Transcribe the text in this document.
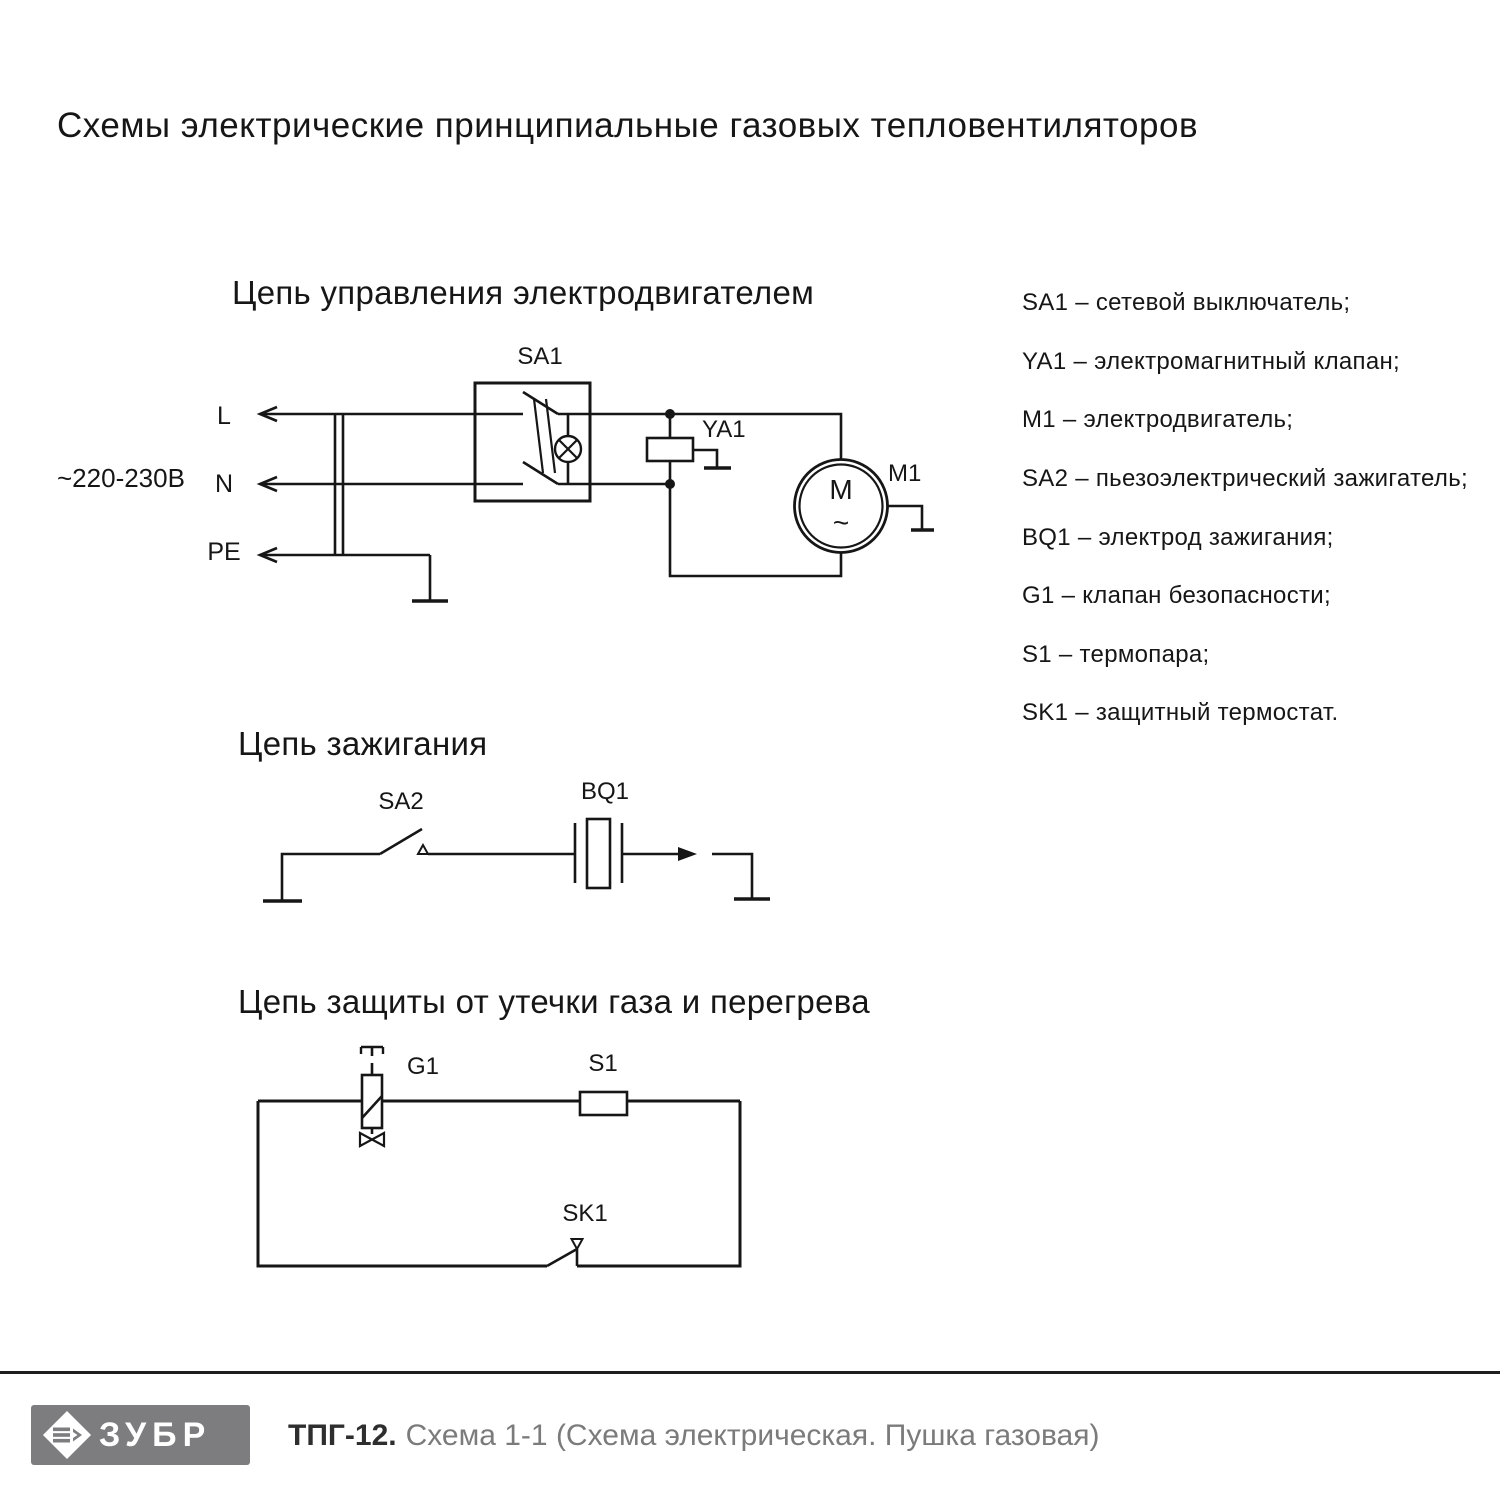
Схемы электрические принципиальные газовых тепловентиляторов
Цепь управления электродвигателем
Цепь зажигания
Цепь защиты от утечки газа и перегрева
SA1 – сетевой выключатель;
YA1 – электромагнитный клапан;
M1 – электродвигатель;
SA2 – пьезоэлектрический зажигатель;
BQ1 – электрод зажигания;
G1 – клапан безопасности;
S1 – термопара;
SK1 – защитный термостат.
~220-230В
L
N
PE
SA1
YA1
M
~
M1
SA2	BQ1
G1	S1
SK1
ЗУБР	ТПГ-12. Схема 1-1 (Схема электрическая. Пушка газовая)
